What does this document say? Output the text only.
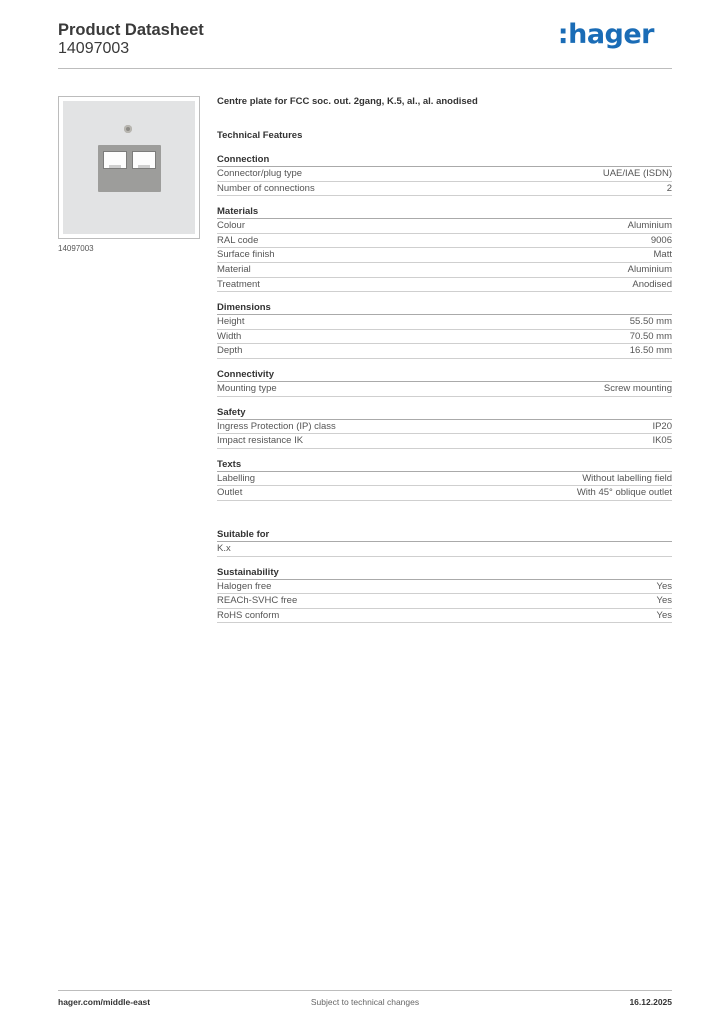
Product Datasheet
14097003	:hager
14097003
Centre plate for FCC soc. out. 2gang, K.5, al., al. anodised
Technical Features
Connection
Connector/plug type	UAE/IAE (ISDN)
Number of connections	2
Materials
Colour	Aluminium
RAL code	9006
Surface finish	Matt
Material	Aluminium
Treatment	Anodised
Dimensions
Height	55.50 mm
Width	70.50 mm
Depth	16.50 mm
Connectivity
Mounting type	Screw mounting
Safety
Ingress Protection (IP) class	IP20
Impact resistance IK	IK05
Texts
Labelling	Without labelling field
Outlet	With 45° oblique outlet
Suitable for
K.x
Sustainability
Halogen free	Yes
REACh-SVHC free	Yes
RoHS conform	Yes
hager.com/middle-east	Subject to technical changes	16.12.2025
